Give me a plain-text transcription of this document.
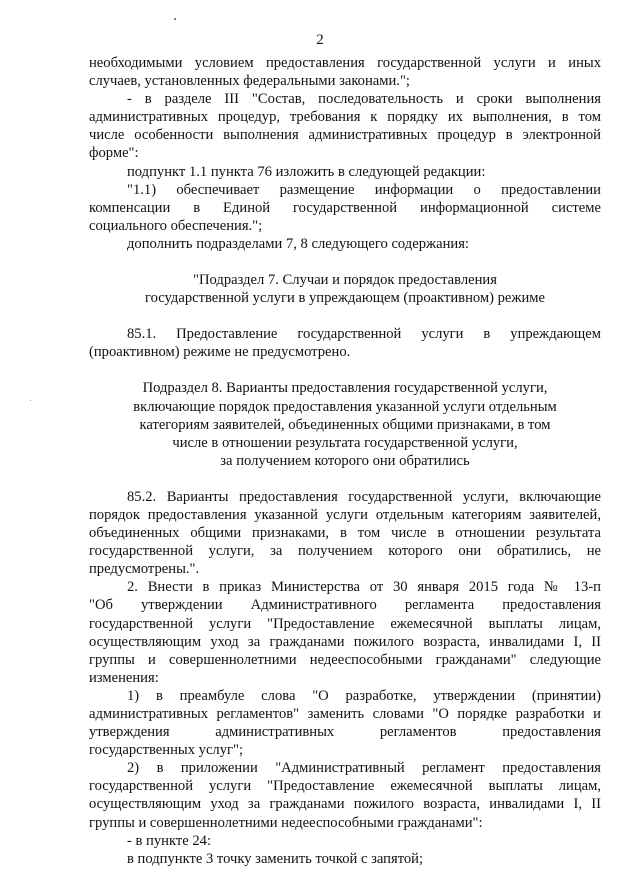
2
необходимыми условием предоставления государственной услуги и иных
случаев, установленных федеральными законами.";
- в разделе III "Состав, последовательность и сроки выполнения
административных процедур, требования к порядку их выполнения, в том
числе особенности выполнения административных процедур в электронной
форме":
подпункт 1.1 пункта 76 изложить в следующей редакции:
"1.1) обеспечивает размещение информации о предоставлении
компенсации в Единой государственной информационной системе
социального обеспечения.";
дополнить подразделами 7, 8 следующего содержания:
"Подраздел 7. Случаи и порядок предоставления
государственной услуги в упреждающем (проактивном) режиме
85.1. Предоставление государственной услуги в упреждающем
(проактивном) режиме не предусмотрено.
Подраздел 8. Варианты предоставления государственной услуги,
включающие порядок предоставления указанной услуги отдельным
категориям заявителей, объединенных общими признаками, в том
числе в отношении результата государственной услуги,
за получением которого они обратились
85.2. Варианты предоставления государственной услуги, включающие
порядок предоставления указанной услуги отдельным категориям заявителей,
объединенных общими признаками, в том числе в отношении результата
государственной услуги, за получением которого они обратились, не
предусмотрены.".
2. Внести в приказ Министерства от 30 января 2015 года № 13-п
"Об утверждении Административного регламента предоставления
государственной услуги "Предоставление ежемесячной выплаты лицам,
осуществляющим уход за гражданами пожилого возраста, инвалидами I, II
группы и совершеннолетними недееспособными гражданами" следующие
изменения:
1) в преамбуле слова "О разработке, утверждении (принятии)
административных регламентов" заменить словами "О порядке разработки и
утверждения административных регламентов предоставления
государственных услуг";
2) в приложении "Административный регламент предоставления
государственной услуги "Предоставление ежемесячной выплаты лицам,
осуществляющим уход за гражданами пожилого возраста, инвалидами I, II
группы и совершеннолетними недееспособными гражданами":
- в пункте 24:
в подпункте 3 точку заменить точкой с запятой;
